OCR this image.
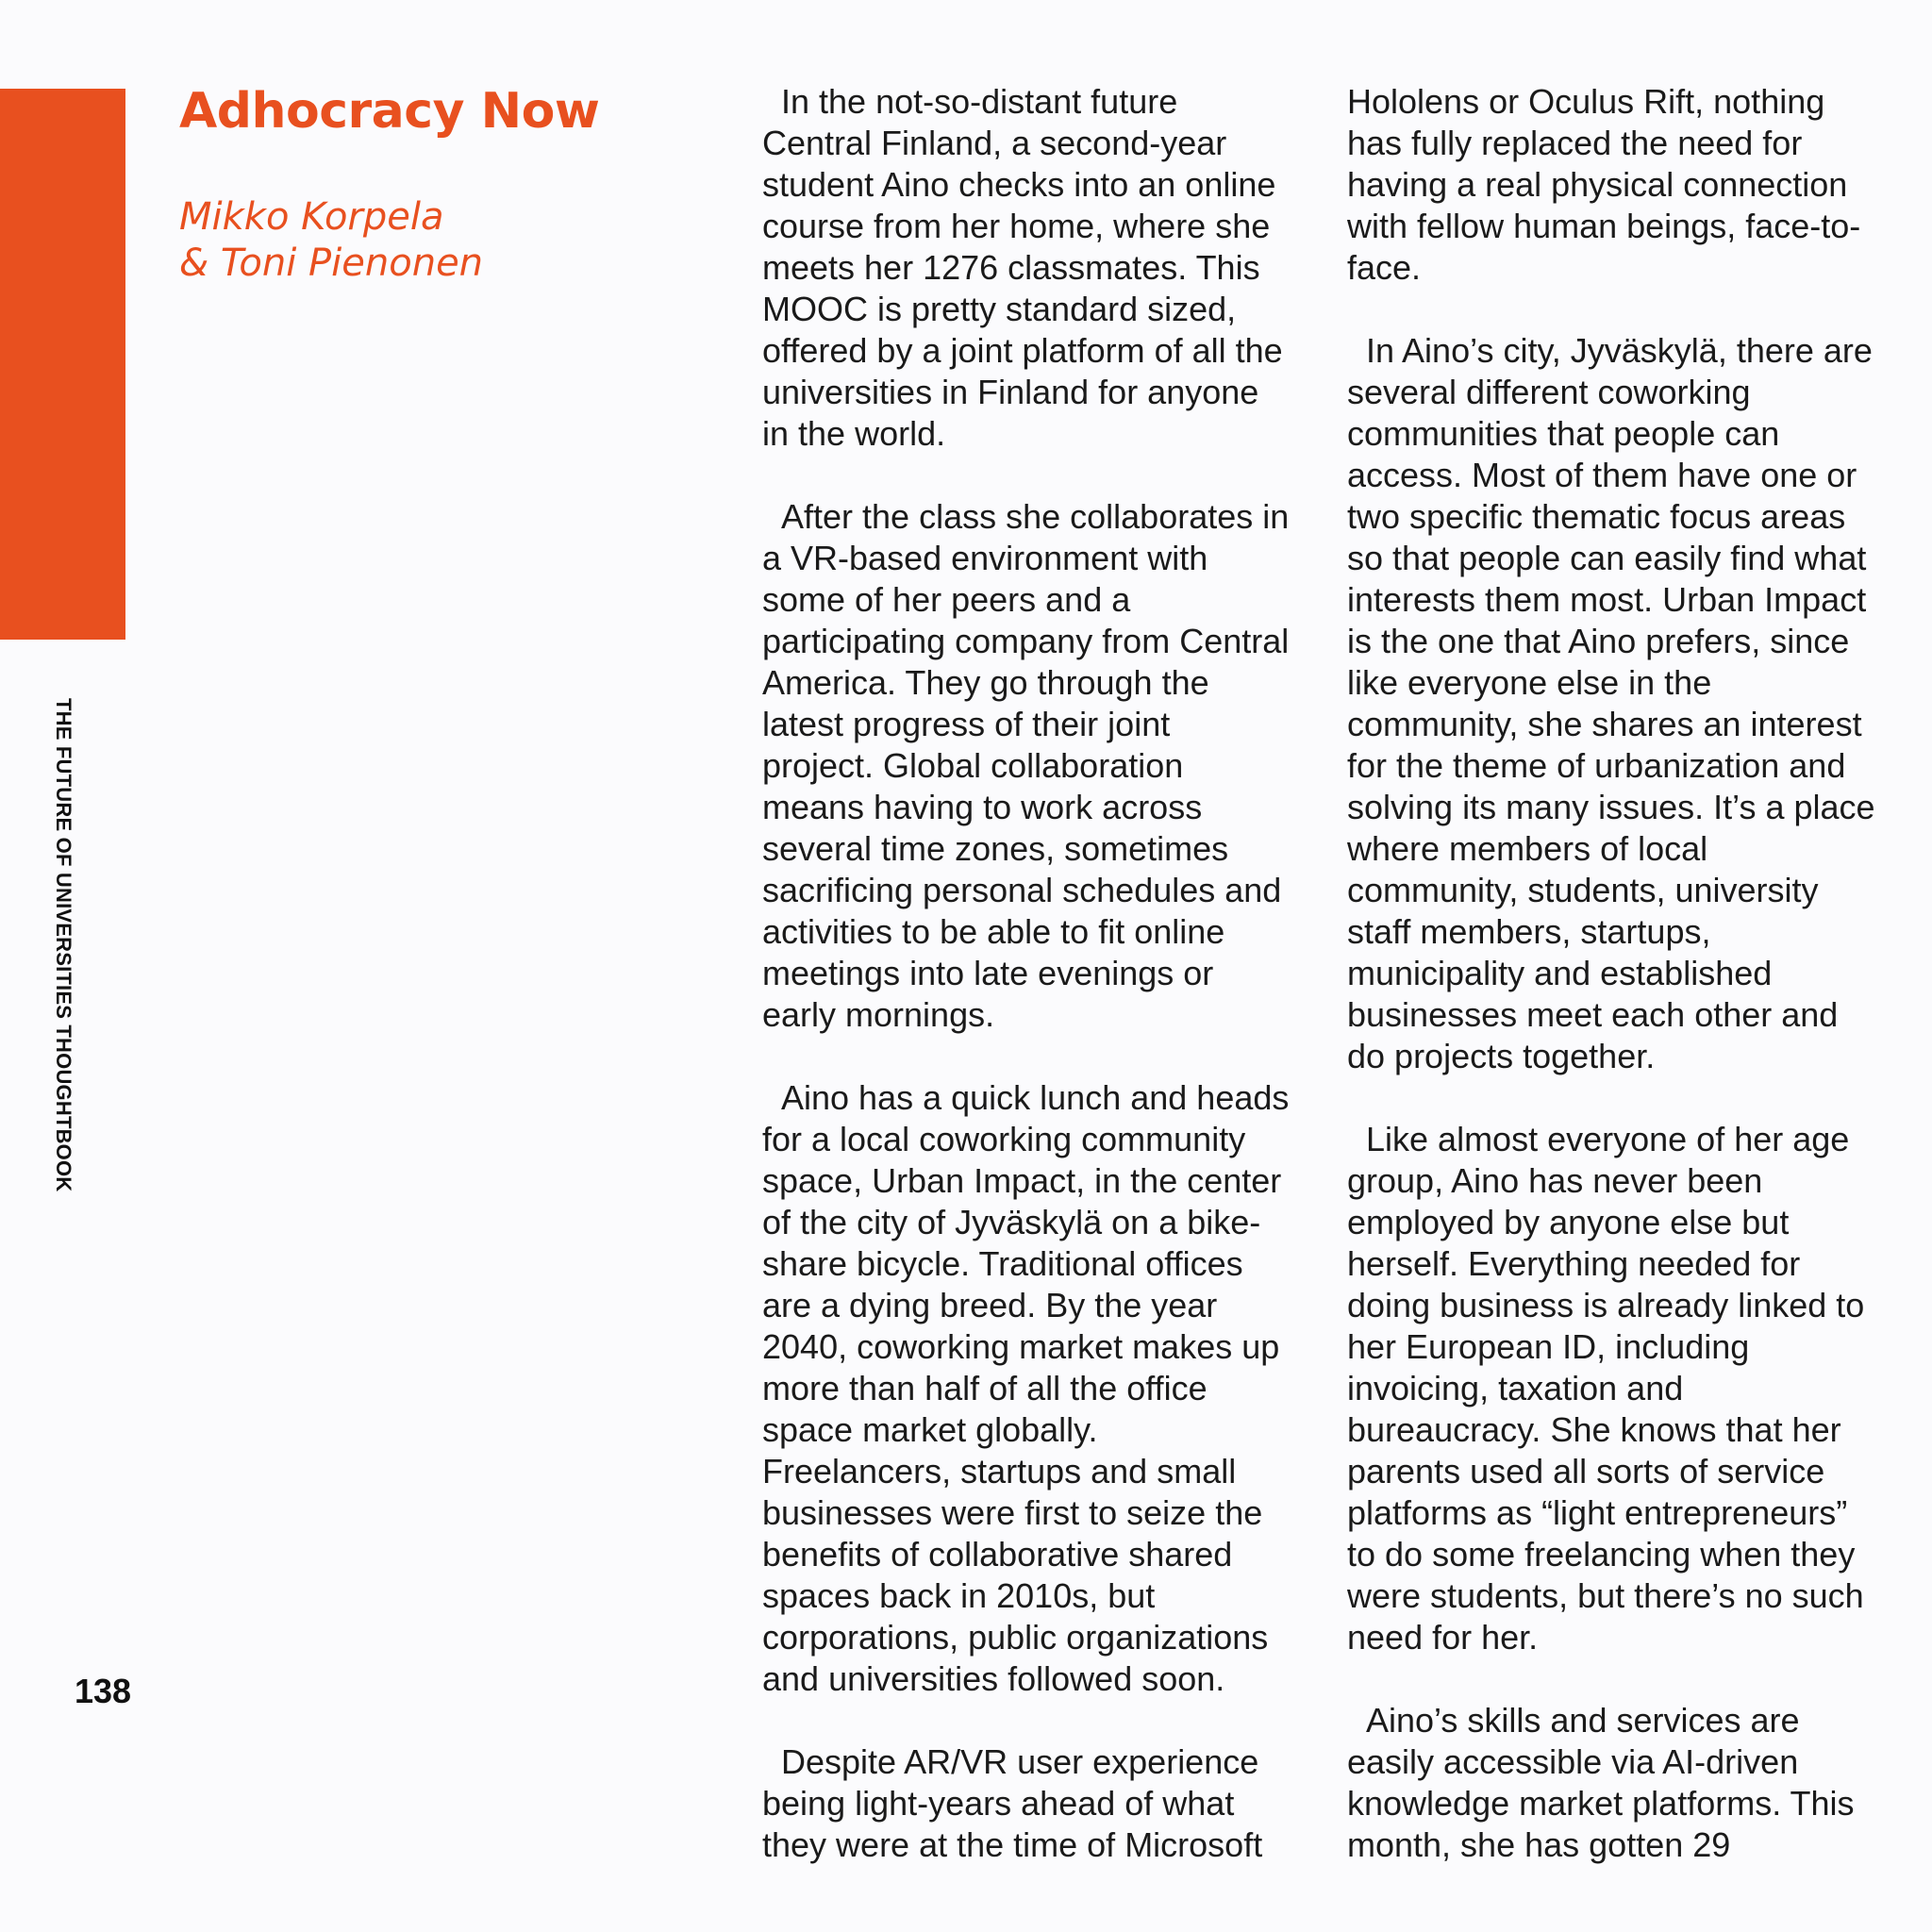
THE FUTURE OF UNIVERSITIES THOUGHTBOOK
138
Adhocracy Now
Mikko Korpela
& Toni Pienonen

In the not-so-distant future Central Finland, a second-year student Aino checks into an online course from her home, where she meets her 1276 classmates. This MOOC is pretty standard sized, offered by a joint platform of all the universities in Finland for anyone in the world.

After the class she collaborates in a VR-based environment with some of her peers and a participating company from Central America. They go through the latest progress of their joint project. Global collaboration means having to work across several time zones, sometimes sacrificing personal schedules and activities to be able to fit online meetings into late evenings or early mornings.

Aino has a quick lunch and heads for a local coworking community space, Urban Impact, in the center of the city of Jyväskylä on a bike-share bicycle. Traditional offices are a dying breed. By the year 2040, coworking market makes up more than half of all the office space market globally. Freelancers, startups and small businesses were first to seize the benefits of collaborative shared spaces back in 2010s, but corporations, public organizations and universities followed soon.

Despite AR/VR user experience being light-years ahead of what they were at the time of Microsoft

Hololens or Oculus Rift, nothing has fully replaced the need for having a real physical connection with fellow human beings, face-to-face.

In Aino’s city, Jyväskylä, there are several different coworking communities that people can access. Most of them have one or two specific thematic focus areas so that people can easily find what interests them most. Urban Impact is the one that Aino prefers, since like everyone else in the community, she shares an interest for the theme of urbanization and solving its many issues. It’s a place where members of local community, students, university staff members, startups, municipality and established businesses meet each other and do projects together.

Like almost everyone of her age group, Aino has never been employed by anyone else but herself. Everything needed for doing business is already linked to her European ID, including invoicing, taxation and bureaucracy. She knows that her parents used all sorts of service platforms as “light entrepreneurs” to do some freelancing when they were students, but there’s no such need for her.

Aino’s skills and services are easily accessible via AI-driven knowledge market platforms. This month, she has gotten 29
